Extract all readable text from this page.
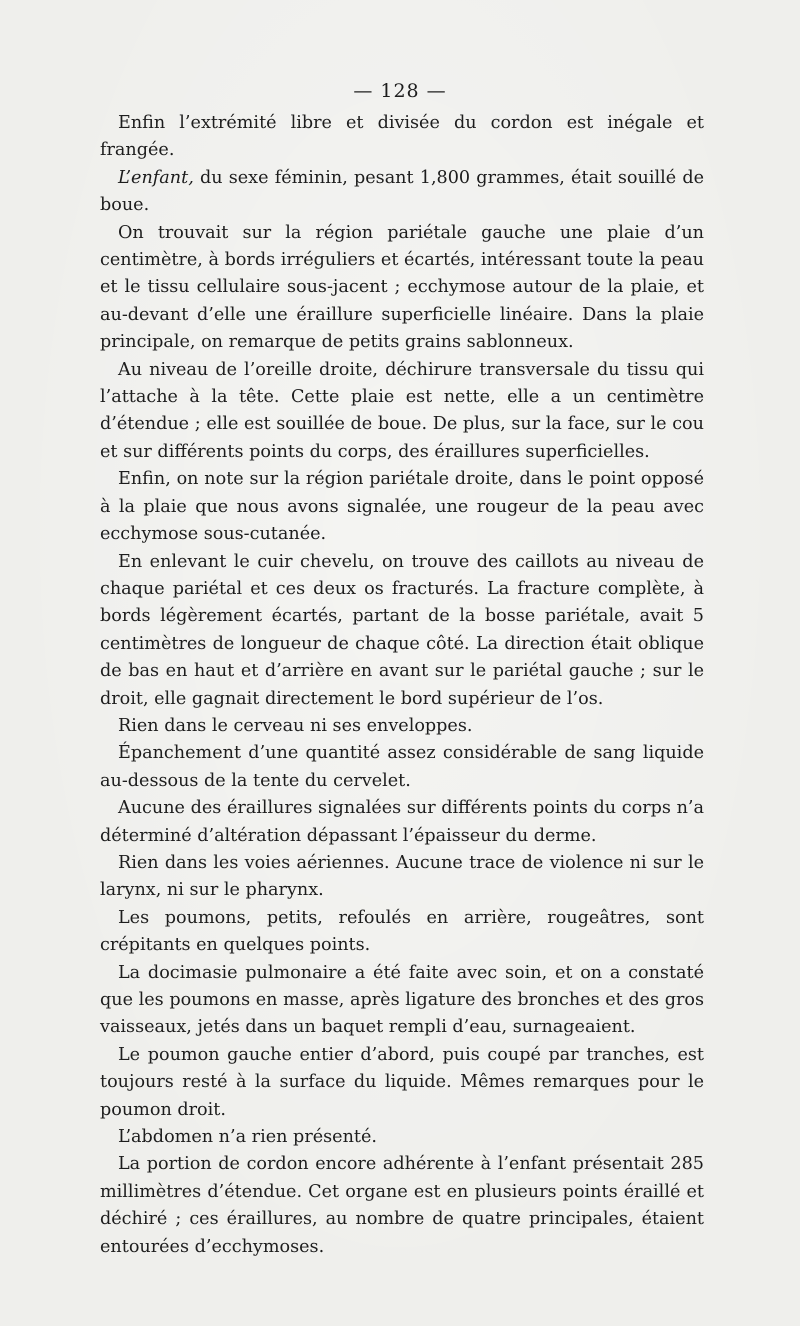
— 128 —

Enfin l’extrémité libre et divisée du cordon est inégale et frangée.

L’enfant, du sexe féminin, pesant 1,800 grammes, était souillé de boue.

On trouvait sur la région pariétale gauche une plaie d’un centimètre, à bords irréguliers et écartés, intéressant toute la peau et le tissu cellulaire sous-jacent ; ecchymose autour de la plaie, et au-devant d’elle une éraillure superficielle linéaire. Dans la plaie principale, on remarque de petits grains sablonneux.

Au niveau de l’oreille droite, déchirure transversale du tissu qui l’attache à la tête. Cette plaie est nette, elle a un centimètre d’étendue ; elle est souillée de boue. De plus, sur la face, sur le cou et sur différents points du corps, des éraillures superficielles.

Enfin, on note sur la région pariétale droite, dans le point opposé à la plaie que nous avons signalée, une rougeur de la peau avec ecchymose sous-cutanée.

En enlevant le cuir chevelu, on trouve des caillots au niveau de chaque pariétal et ces deux os fracturés. La fracture complète, à bords légèrement écartés, partant de la bosse pariétale, avait 5 centimètres de longueur de chaque côté. La direction était oblique de bas en haut et d’arrière en avant sur le pariétal gauche ; sur le droit, elle gagnait directement le bord supérieur de l’os.

Rien dans le cerveau ni ses enveloppes.

Épanchement d’une quantité assez considérable de sang liquide au-dessous de la tente du cervelet.

Aucune des éraillures signalées sur différents points du corps n’a déterminé d’altération dépassant l’épaisseur du derme.

Rien dans les voies aériennes. Aucune trace de violence ni sur le larynx, ni sur le pharynx.

Les poumons, petits, refoulés en arrière, rougeâtres, sont crépitants en quelques points.

La docimasie pulmonaire a été faite avec soin, et on a constaté que les poumons en masse, après ligature des bronches et des gros vaisseaux, jetés dans un baquet rempli d’eau, surnageaient.

Le poumon gauche entier d’abord, puis coupé par tranches, est toujours resté à la surface du liquide. Mêmes remarques pour le poumon droit.

L’abdomen n’a rien présenté.

La portion de cordon encore adhérente à l’enfant présentait 285 millimètres d’étendue. Cet organe est en plusieurs points éraillé et déchiré ; ces éraillures, au nombre de quatre principales, étaient entourées d’ecchymoses.
